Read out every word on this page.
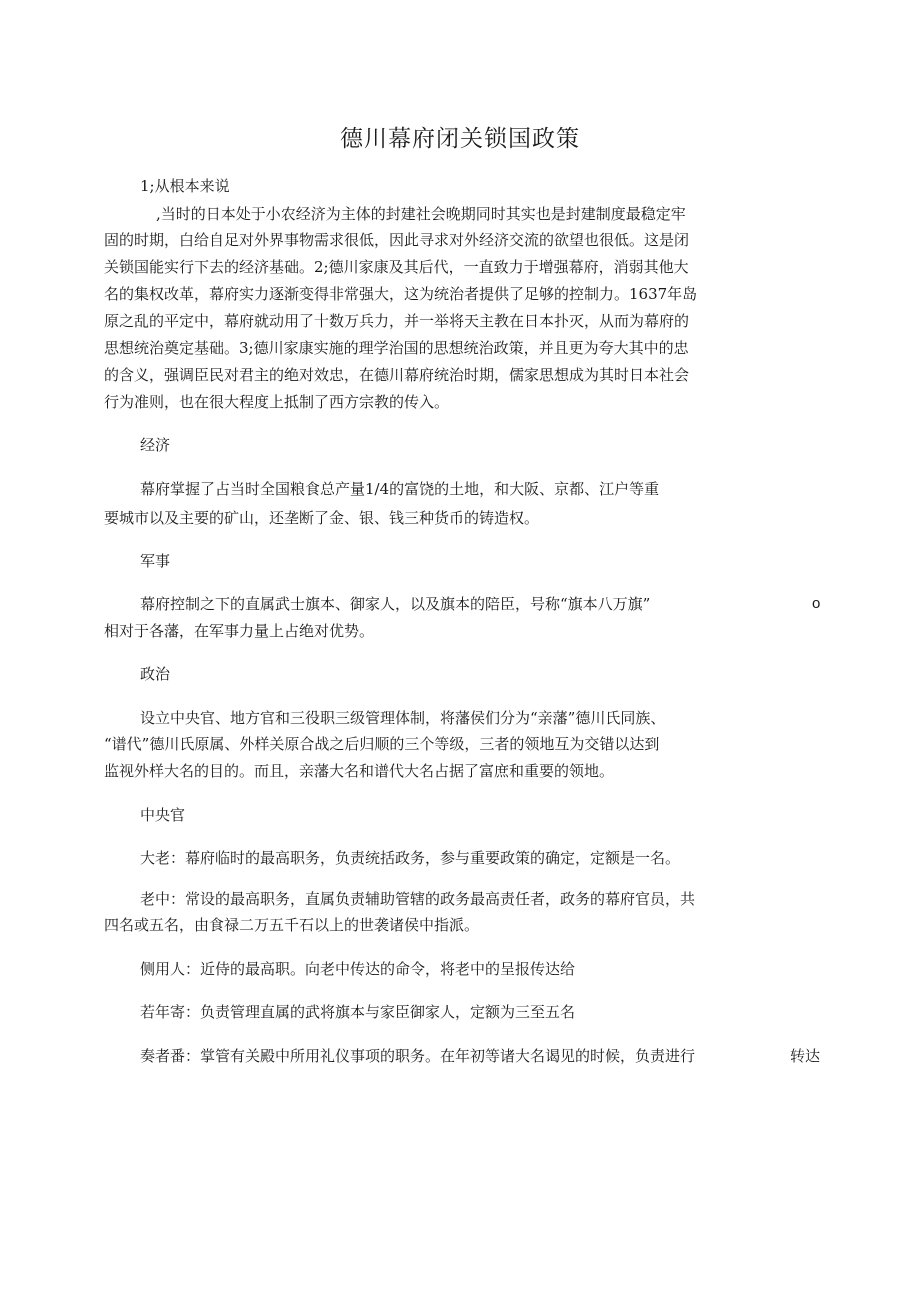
德川幕府闭关锁国政策
1;从根本来说
,当时的日本处于小农经济为主体的封建社会晚期同时其实也是封建制度最稳定牢
固的时期，白给自足对外界事物需求很低，因此寻求对外经济交流的欲望也很低。这是闭
关锁国能实行下去的经济基础。2;德川家康及其后代，一直致力于增强幕府，消弱其他大
名的集权改革，幕府实力逐渐变得非常强大，这为统治者提供了足够的控制力。1637年岛
原之乱的平定中，幕府就动用了十数万兵力，并一举将天主教在日本扑灭，从而为幕府的
思想统治奠定基础。3;德川家康实施的理学治国的思想统治政策，并且更为夸大其中的忠
的含义，强调臣民对君主的绝对效忠，在德川幕府统治时期，儒家思想成为其时日本社会
行为准则，也在很大程度上抵制了西方宗教的传入。
经济
幕府掌握了占当时全国粮食总产量1/4的富饶的土地，和大阪、京都、江户等重
要城市以及主要的矿山，还垄断了金、银、钱三种货币的铸造权。
军事
幕府控制之下的直属武士旗本、御家人，以及旗本的陪臣，号称“旗本八万旗”	o
相对于各藩，在军事力量上占绝对优势。
政治
设立中央官、地方官和三役职三级管理体制，将藩侯们分为“亲藩”德川氏同族、
“谱代”德川氏原属、外样关原合战之后归顺的三个等级，三者的领地互为交错以达到
监视外样大名的目的。而且，亲藩大名和谱代大名占据了富庶和重要的领地。
中央官
大老：幕府临时的最高职务，负责统括政务，参与重要政策的确定，定额是一名。
老中：常设的最高职务，直属负责辅助管辖的政务最高责任者，政务的幕府官员，共
四名或五名，由食禄二万五千石以上的世袭诸侯中指派。
侧用人：近侍的最高职。向老中传达的命令，将老中的呈报传达给
若年寄：负责管理直属的武将旗本与家臣御家人，定额为三至五名
奏者番：掌管有关殿中所用礼仪事项的职务。在年初等诸大名谒见的时候，负责进行	转达
